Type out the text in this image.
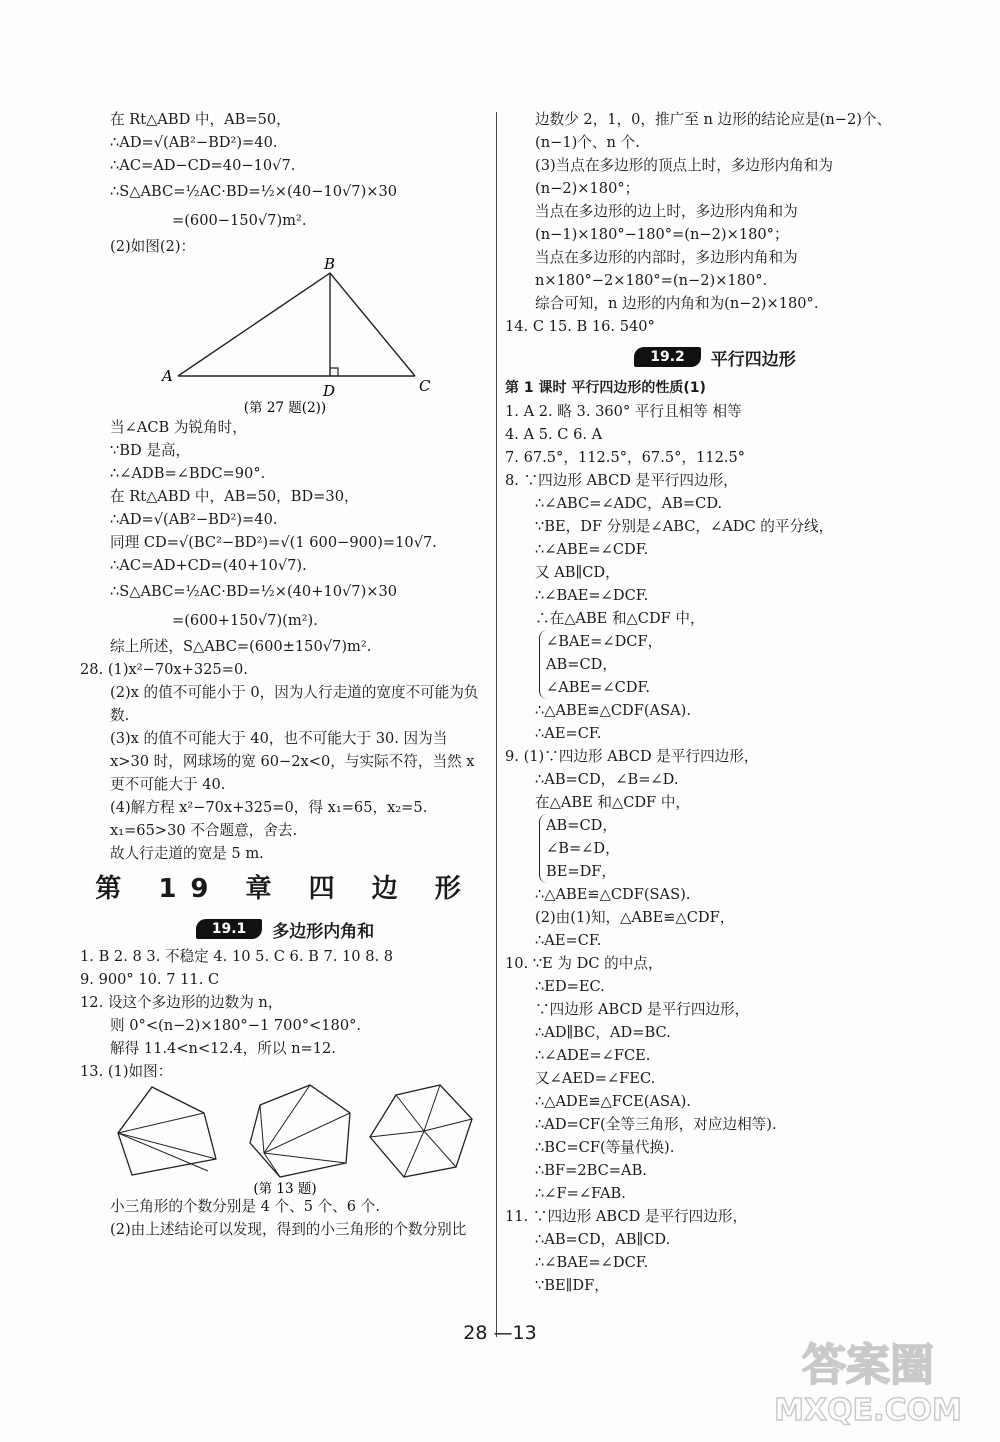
在 Rt△ABD 中，AB=50，
∴AD=√(AB²−BD²)=40.
∴AC=AD−CD=40−10√7.
∴S△ABC=½AC·BD=½×(40−10√7)×30
=(600−150√7)m².
(2)如图(2)：
B
A
D	C
(第 27 题(2))
当∠ACB 为锐角时，
∵BD 是高，
∴∠ADB=∠BDC=90°.
在 Rt△ABD 中，AB=50，BD=30，
∴AD=√(AB²−BD²)=40.
同理 CD=√(BC²−BD²)=√(1 600−900)=10√7.
∴AC=AD+CD=(40+10√7).
∴S△ABC=½AC·BD=½×(40+10√7)×30
=(600+150√7)(m²).
综上所述，S△ABC=(600±150√7)m².
28. (1)x²−70x+325=0.
(2)x 的值不可能小于 0，因为人行走道的宽度不可能为负数.
(3)x 的值不可能大于 40，也不可能大于 30. 因为当 x>30 时，网球场的宽 60−2x<0，与实际不符，当然 x 更不可能大于 40.
(4)解方程 x²−70x+325=0，得 x₁=65，x₂=5.
x₁=65>30 不合题意，舍去.
故人行走道的宽是 5 m.
第 19 章 四 边 形
19.1	多边形内角和
1. B 2. 8 3. 不稳定 4. 10 5. C 6. B 7. 10 8. 8
9. 900° 10. 7 11. C
12. 设这个多边形的边数为 n，
则 0°<(n−2)×180°−1 700°<180°.
解得 11.4<n<12.4，所以 n=12.
13. (1)如图：
(第 13 题)
小三角形的个数分别是 4 个、5 个、6 个.
(2)由上述结论可以发现，得到的小三角形的个数分别比
边数少 2，1，0，推广至 n 边形的结论应是(n−2)个、(n−1)个、n 个.
(3)当点在多边形的顶点上时，多边形内角和为(n−2)×180°；
当点在多边形的边上时，多边形内角和为
(n−1)×180°−180°=(n−2)×180°；
当点在多边形的内部时，多边形内角和为
n×180°−2×180°=(n−2)×180°.
综合可知，n 边形的内角和为(n−2)×180°.
14. C 15. B 16. 540°
19.2	平行四边形
第 1 课时 平行四边形的性质(1)
1. A 2. 略 3. 360° 平行且相等 相等
4. A 5. C 6. A
7. 67.5°，112.5°，67.5°，112.5°
8. ∵四边形 ABCD 是平行四边形，
∴∠ABC=∠ADC，AB=CD.
∵BE，DF 分别是∠ABC，∠ADC 的平分线，
∴∠ABE=∠CDF.
又 AB∥CD，
∴∠BAE=∠DCF.
∴在△ABE 和△CDF 中，
∠BAE=∠DCF，
AB=CD，
∠ABE=∠CDF.
∴△ABE≌△CDF(ASA).
∴AE=CF.
9. (1)∵四边形 ABCD 是平行四边形，
∴AB=CD，∠B=∠D.
在△ABE 和△CDF 中，
AB=CD，
∠B=∠D，
BE=DF，
∴△ABE≌△CDF(SAS).
(2)由(1)知，△ABE≌△CDF，
∴AE=CF.
10. ∵E 为 DC 的中点，
∴ED=EC.
∵四边形 ABCD 是平行四边形，
∴AD∥BC，AD=BC.
∴∠ADE=∠FCE.
又∠AED=∠FEC.
∴△ADE≌△FCE(ASA).
∴AD=CF(全等三角形，对应边相等).
∴BC=CF(等量代换).
∴BF=2BC=AB.
∴∠F=∠FAB.
11. ∵四边形 ABCD 是平行四边形，
∴AB=CD，AB∥CD.
∴∠BAE=∠DCF.
∵BE∥DF，
28 —13
答案圈
MXQE.COM
